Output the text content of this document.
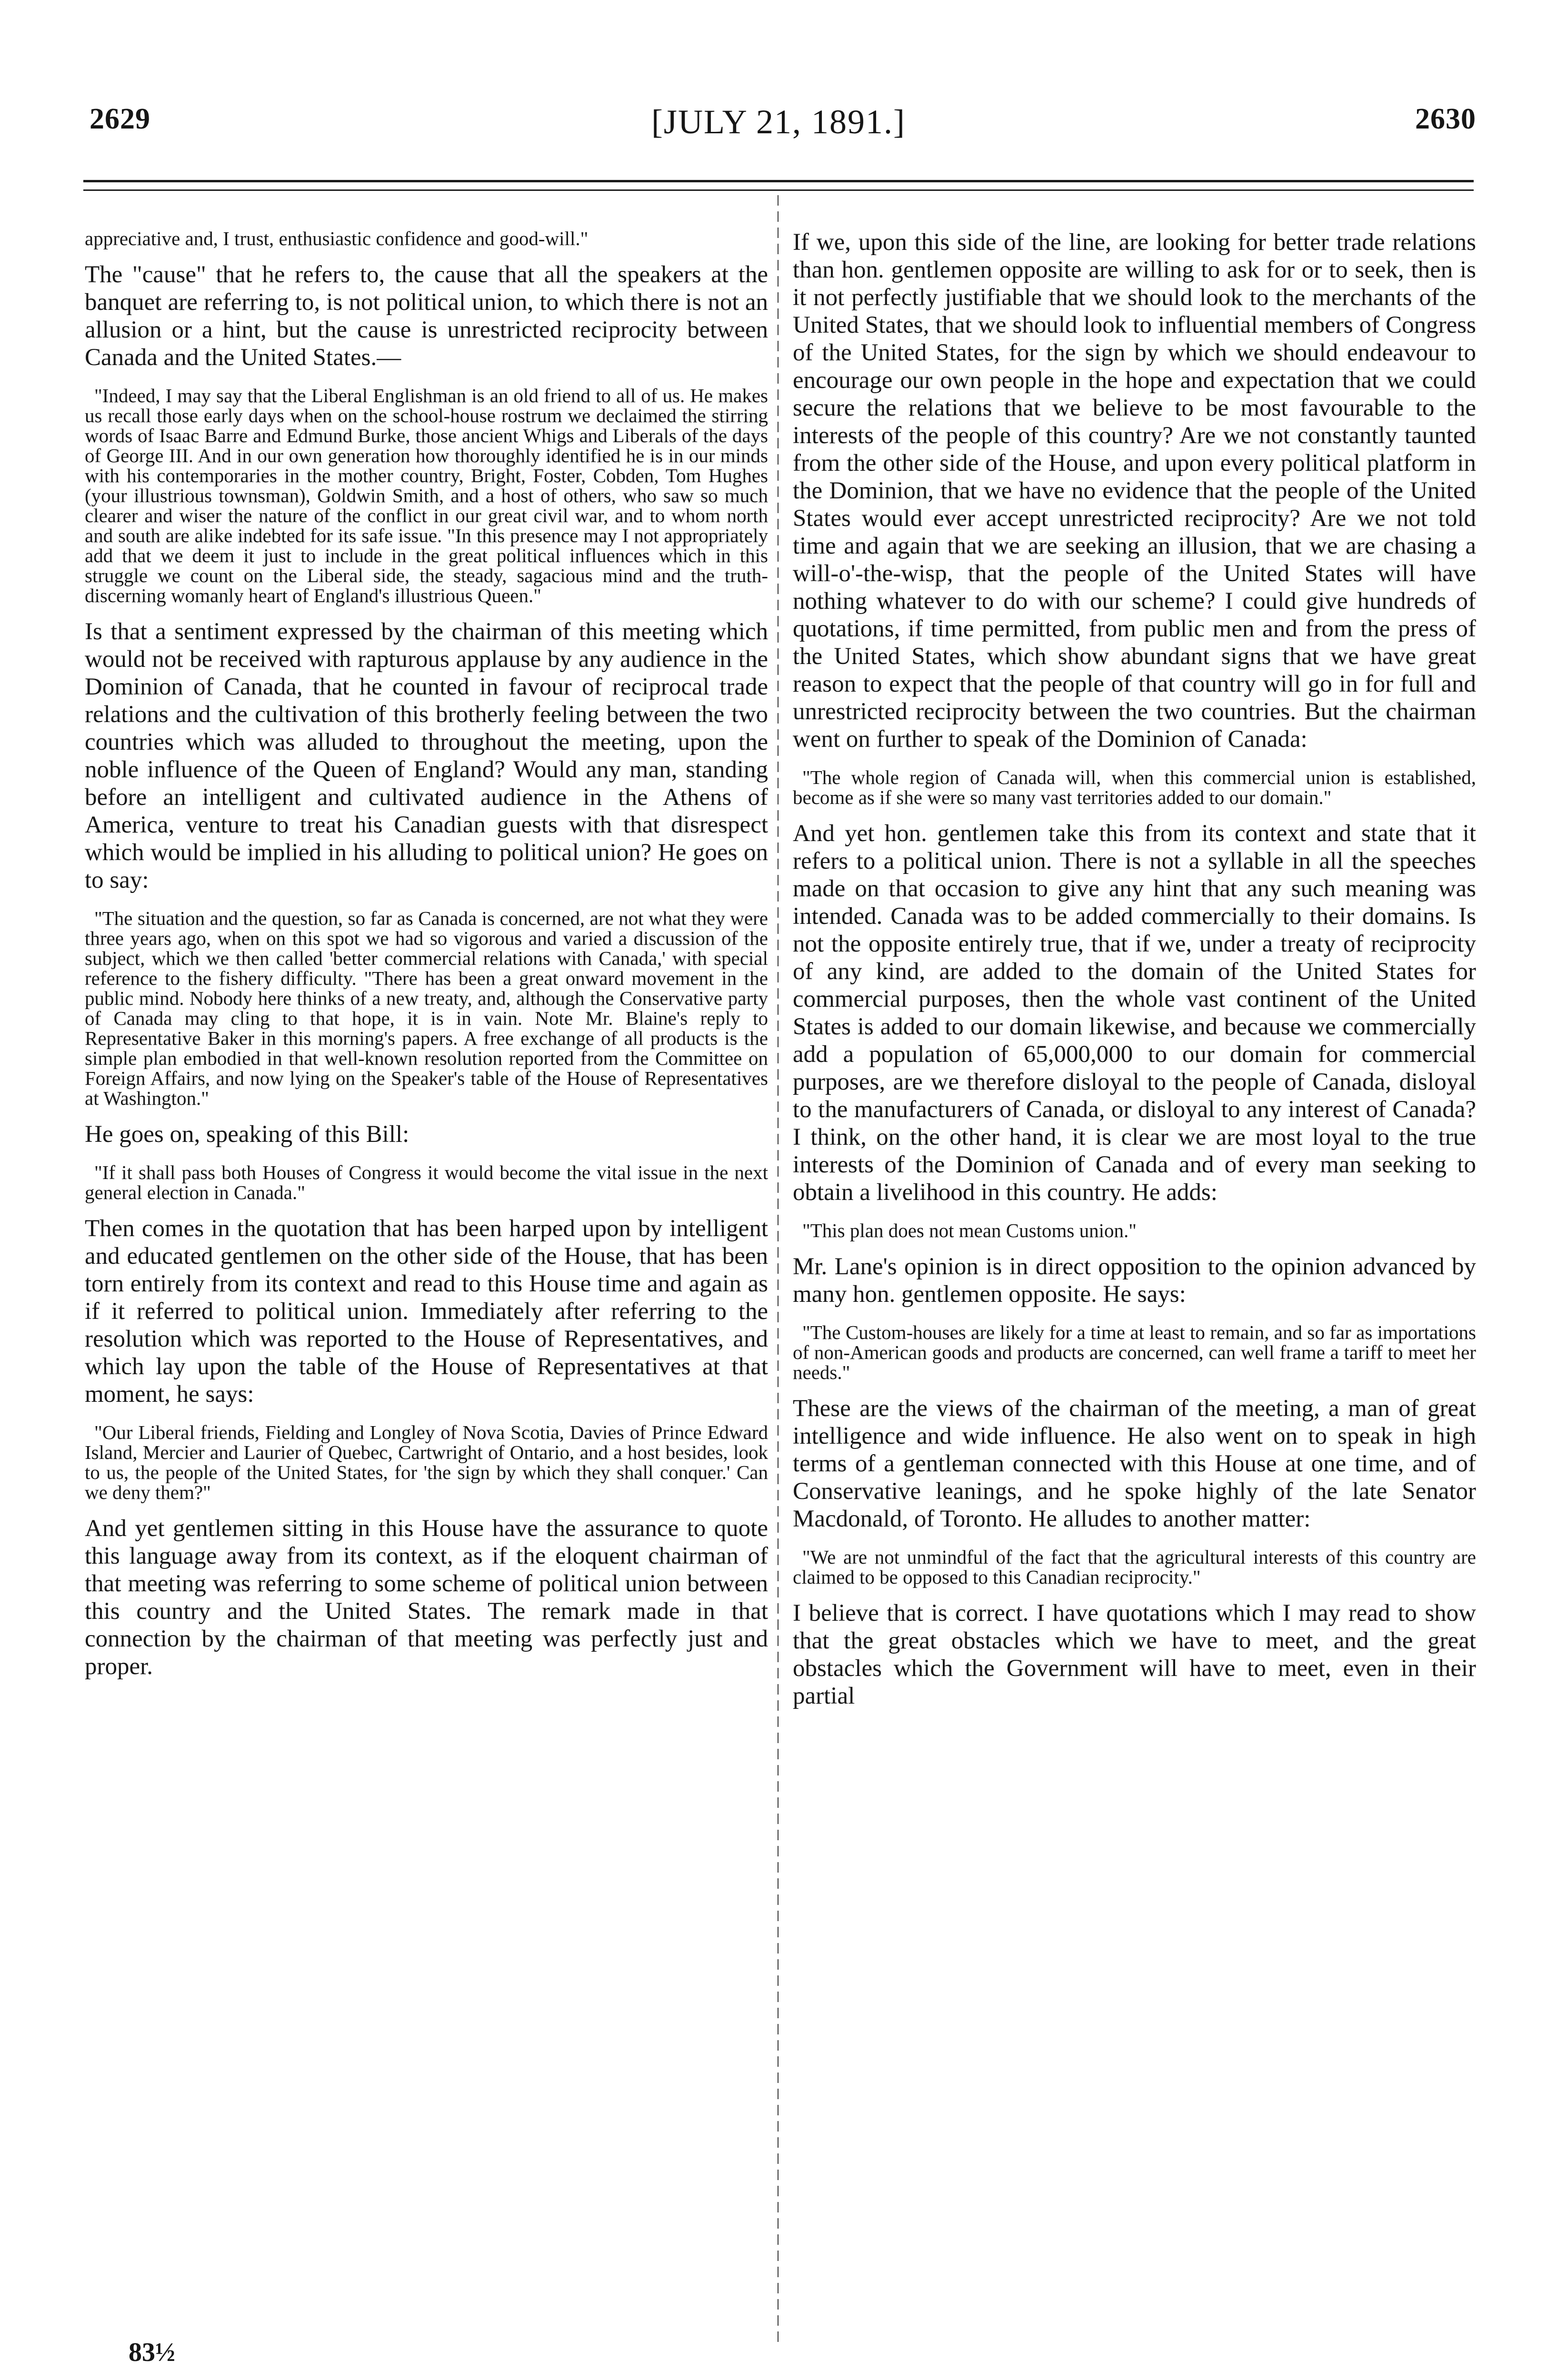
2629	[JULY 21, 1891.]	2630

appreciative and, I trust, enthusiastic confidence and good-will."

The "cause" that he refers to, the cause that all the speakers at the banquet are referring to, is not political union, to which there is not an allusion or a hint, but the cause is unrestricted reciprocity between Canada and the United States.—

"Indeed, I may say that the Liberal Englishman is an old friend to all of us. He makes us recall those early days when on the school-house rostrum we declaimed the stirring words of Isaac Barre and Edmund Burke, those ancient Whigs and Liberals of the days of George III. And in our own generation how thoroughly identified he is in our minds with his contemporaries in the mother country, Bright, Foster, Cobden, Tom Hughes (your illustrious townsman), Goldwin Smith, and a host of others, who saw so much clearer and wiser the nature of the conflict in our great civil war, and to whom north and south are alike indebted for its safe issue. "In this presence may I not appropriately add that we deem it just to include in the great political influences which in this struggle we count on the Liberal side, the steady, sagacious mind and the truth-discerning womanly heart of England's illustrious Queen."

Is that a sentiment expressed by the chairman of this meeting which would not be received with rapturous applause by any audience in the Dominion of Canada, that he counted in favour of reciprocal trade relations and the cultivation of this brotherly feeling between the two countries which was alluded to throughout the meeting, upon the noble influence of the Queen of England? Would any man, standing before an intelligent and cultivated audience in the Athens of America, venture to treat his Canadian guests with that disrespect which would be implied in his alluding to political union? He goes on to say:

"The situation and the question, so far as Canada is concerned, are not what they were three years ago, when on this spot we had so vigorous and varied a discussion of the subject, which we then called 'better commercial relations with Canada,' with special reference to the fishery difficulty. "There has been a great onward movement in the public mind. Nobody here thinks of a new treaty, and, although the Conservative party of Canada may cling to that hope, it is in vain. Note Mr. Blaine's reply to Representative Baker in this morning's papers. A free exchange of all products is the simple plan embodied in that well-known resolution reported from the Committee on Foreign Affairs, and now lying on the Speaker's table of the House of Representatives at Washington."

He goes on, speaking of this Bill:

"If it shall pass both Houses of Congress it would become the vital issue in the next general election in Canada."

Then comes in the quotation that has been harped upon by intelligent and educated gentlemen on the other side of the House, that has been torn entirely from its context and read to this House time and again as if it referred to political union. Immediately after referring to the resolution which was reported to the House of Representatives, and which lay upon the table of the House of Representatives at that moment, he says:

"Our Liberal friends, Fielding and Longley of Nova Scotia, Davies of Prince Edward Island, Mercier and Laurier of Quebec, Cartwright of Ontario, and a host besides, look to us, the people of the United States, for 'the sign by which they shall conquer.' Can we deny them?"

And yet gentlemen sitting in this House have the assurance to quote this language away from its context, as if the eloquent chairman of that meeting was referring to some scheme of political union between this country and the United States. The remark made in that connection by the chairman of that meeting was perfectly just and proper.

If we, upon this side of the line, are looking for better trade relations than hon. gentlemen opposite are willing to ask for or to seek, then is it not perfectly justifiable that we should look to the merchants of the United States, that we should look to influential members of Congress of the United States, for the sign by which we should endeavour to encourage our own people in the hope and expectation that we could secure the relations that we believe to be most favourable to the interests of the people of this country? Are we not constantly taunted from the other side of the House, and upon every political platform in the Dominion, that we have no evidence that the people of the United States would ever accept unrestricted reciprocity? Are we not told time and again that we are seeking an illusion, that we are chasing a will-o'-the-wisp, that the people of the United States will have nothing whatever to do with our scheme? I could give hundreds of quotations, if time permitted, from public men and from the press of the United States, which show abundant signs that we have great reason to expect that the people of that country will go in for full and unrestricted reciprocity between the two countries. But the chairman went on further to speak of the Dominion of Canada:

"The whole region of Canada will, when this commercial union is established, become as if she were so many vast territories added to our domain."

And yet hon. gentlemen take this from its context and state that it refers to a political union. There is not a syllable in all the speeches made on that occasion to give any hint that any such meaning was intended. Canada was to be added commercially to their domains. Is not the opposite entirely true, that if we, under a treaty of reciprocity of any kind, are added to the domain of the United States for commercial purposes, then the whole vast continent of the United States is added to our domain likewise, and because we commercially add a population of 65,000,000 to our domain for commercial purposes, are we therefore disloyal to the people of Canada, disloyal to the manufacturers of Canada, or disloyal to any interest of Canada? I think, on the other hand, it is clear we are most loyal to the true interests of the Dominion of Canada and of every man seeking to obtain a livelihood in this country. He adds:

"This plan does not mean Customs union."

Mr. Lane's opinion is in direct opposition to the opinion advanced by many hon. gentlemen opposite. He says:

"The Custom-houses are likely for a time at least to remain, and so far as importations of non-American goods and products are concerned, can well frame a tariff to meet her needs."

These are the views of the chairman of the meeting, a man of great intelligence and wide influence. He also went on to speak in high terms of a gentleman connected with this House at one time, and of Conservative leanings, and he spoke highly of the late Senator Macdonald, of Toronto. He alludes to another matter:

"We are not unmindful of the fact that the agricultural interests of this country are claimed to be opposed to this Canadian reciprocity."

I believe that is correct. I have quotations which I may read to show that the great obstacles which we have to meet, and the great obstacles which the Government will have to meet, even in their partial

83½
